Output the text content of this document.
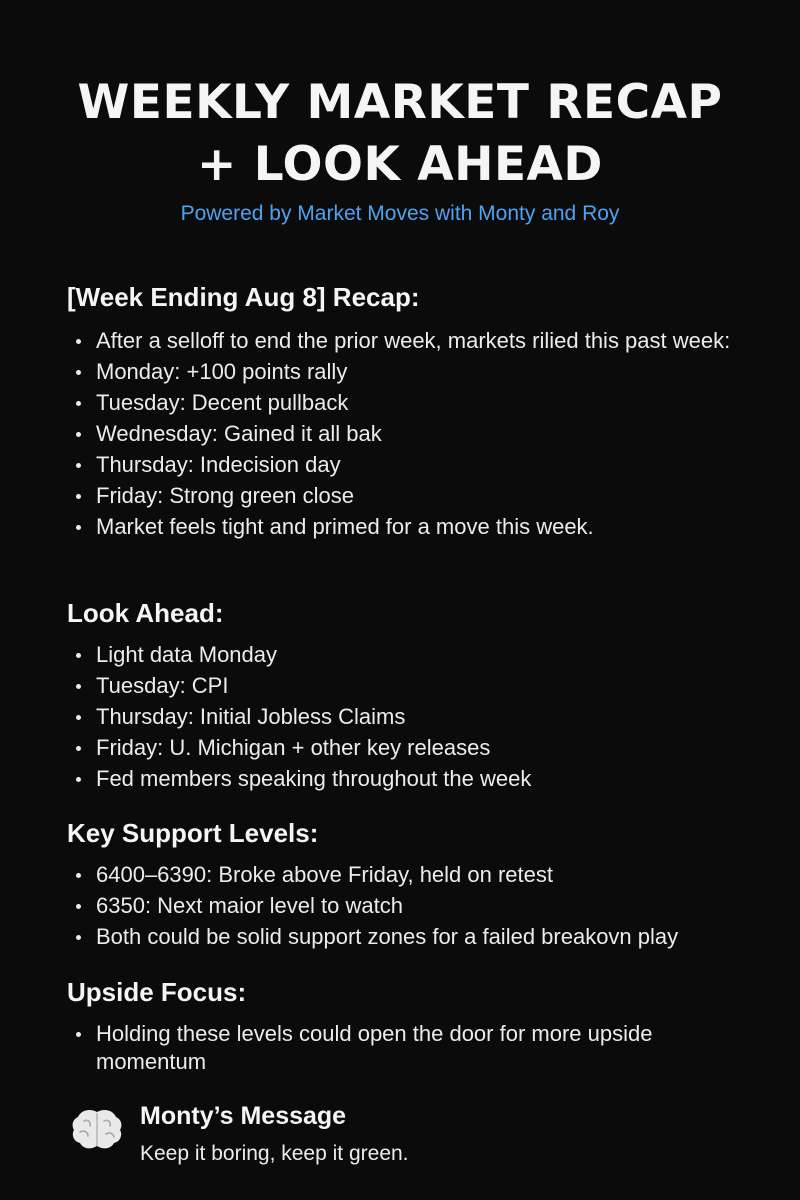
WEEKLY MARKET RECAP
+ LOOK AHEAD
Powered by Market Moves with Monty and Roy
[Week Ending Aug 8] Recap:
After a selloff to end the prior week, markets rilied this past week:
Monday: +100 points rally
Tuesday: Decent pullback
Wednesday: Gained it all bak
Thursday: Indecision day
Friday: Strong green close
Market feels tight and primed for a move this week.
Look Ahead:
Light data Monday
Tuesday: CPI
Thursday: Initial Jobless Claims
Friday: U. Michigan + other key releases
Fed members speaking throughout the week
Key Support Levels:
6400–6390: Broke above Friday, held on retest
6350: Next maior level to watch
Both could be solid support zones for a failed breakovn play
Upside Focus:
Holding these levels could open the door for more upside momentum
Monty’s Message
Keep it boring, keep it green.
